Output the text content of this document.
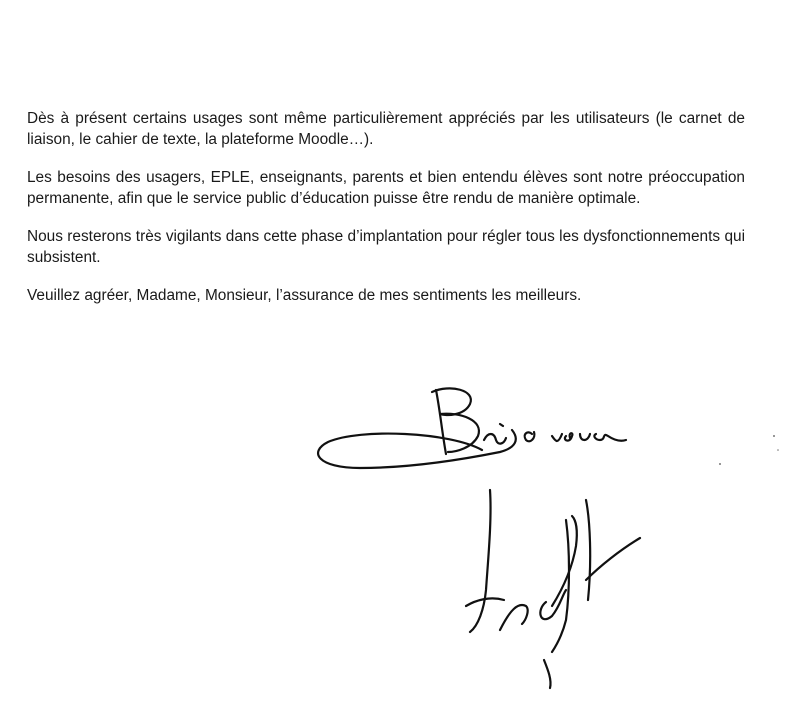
Dès à présent certains usages sont même particulièrement appréciés par les utilisateurs (le carnet de liaison, le cahier de texte, la plateforme Moodle…).

Les besoins des usagers, EPLE, enseignants, parents et bien entendu élèves sont notre préoccupation permanente, afin que le service public d’éducation puisse être rendu de manière optimale.

Nous resterons très vigilants dans cette phase d’implantation pour régler tous les dysfonctionnements qui subsistent.

Veuillez agréer, Madame, Monsieur, l’assurance de mes sentiments les meilleurs.
